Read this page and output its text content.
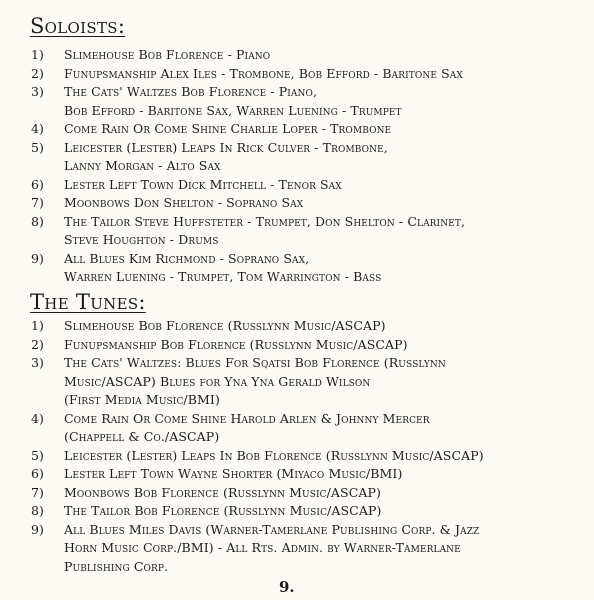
Soloists:
1) Slimehouse Bob Florence - Piano
2) Funupsmanship Alex Iles - Trombone, Bob Efford - Baritone Sax
3) The Cats' Waltzes Bob Florence - Piano,
Bob Efford - Baritone Sax, Warren Luening - Trumpet
4) Come Rain Or Come Shine Charlie Loper - Trombone
5) Leicester (Lester) Leaps In Rick Culver - Trombone,
Lanny Morgan - Alto Sax
6) Lester Left Town Dick Mitchell - Tenor Sax
7) Moonbows Don Shelton - Soprano Sax
8) The Tailor Steve Huffsteter - Trumpet, Don Shelton - Clarinet,
Steve Houghton - Drums
9) All Blues Kim Richmond - Soprano Sax,
Warren Luening - Trumpet, Tom Warrington - Bass
The Tunes:
1) Slimehouse Bob Florence (Russlynn Music/ASCAP)
2) Funupsmanship Bob Florence (Russlynn Music/ASCAP)
3) The Cats' Waltzes: Blues For Sqatsi Bob Florence (Russlynn
Music/ASCAP) Blues for Yna Yna Gerald Wilson
(First Media Music/BMI)
4) Come Rain Or Come Shine Harold Arlen & Johnny Mercer
(Chappell & Co./ASCAP)
5) Leicester (Lester) Leaps In Bob Florence (Russlynn Music/ASCAP)
6) Lester Left Town Wayne Shorter (Miyaco Music/BMI)
7) Moonbows Bob Florence (Russlynn Music/ASCAP)
8) The Tailor Bob Florence (Russlynn Music/ASCAP)
9) All Blues Miles Davis (Warner-Tamerlane Publishing Corp. & Jazz
Horn Music Corp./BMI) - All Rts. Admin. by Warner-Tamerlane
Publishing Corp.
9.
